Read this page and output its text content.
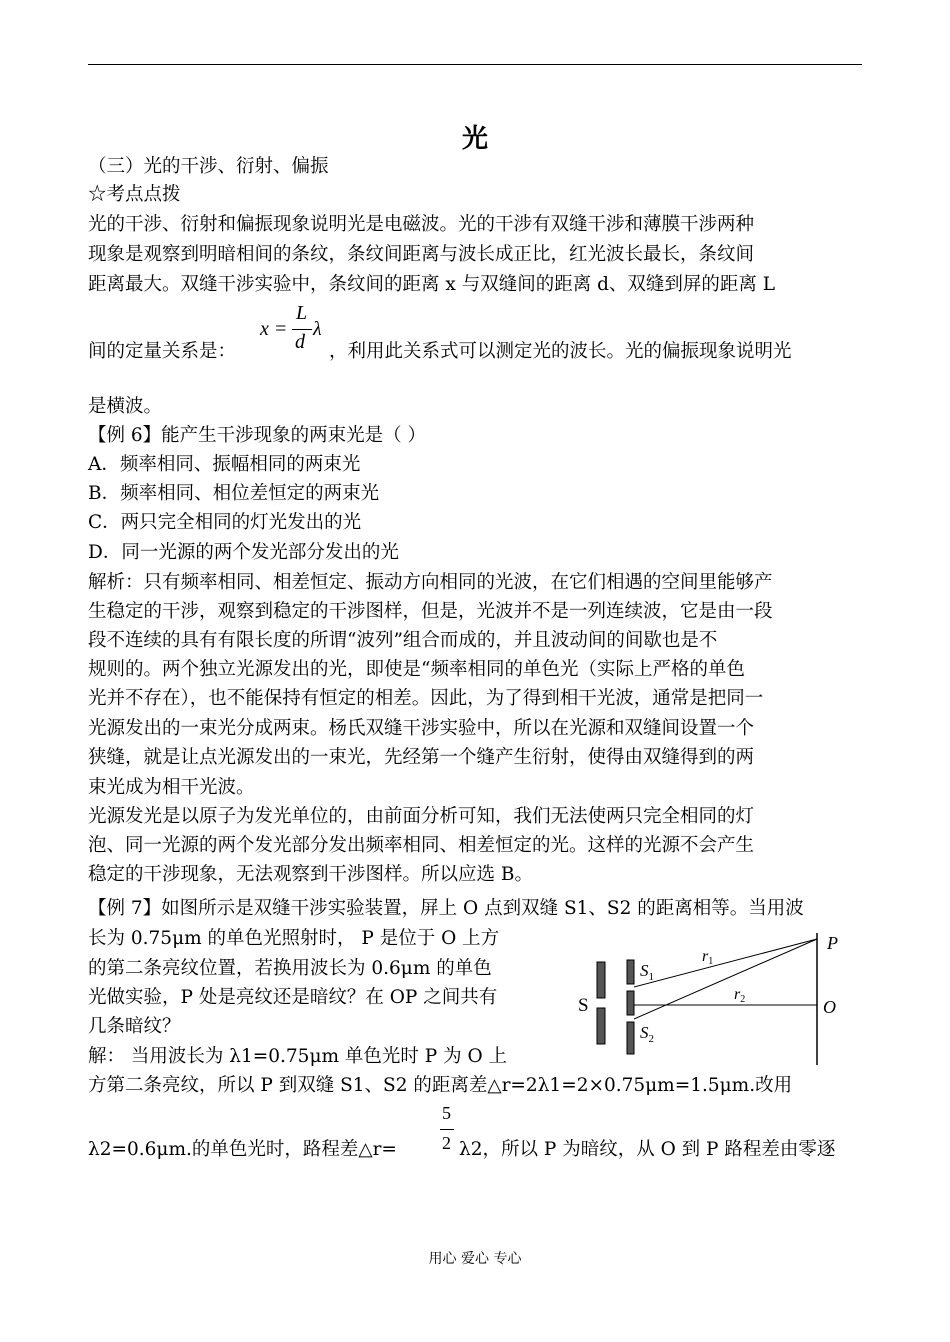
光
（三）光的干涉、衍射、偏振
☆考点点拨
光的干涉、衍射和偏振现象说明光是电磁波。光的干涉有双缝干涉和薄膜干涉两种
现象是观察到明暗相间的条纹，条纹间距离与波长成正比，红光波长最长，条纹间
距离最大。双缝干涉实验中，条纹间的距离 x 与双缝间的距离 d、双缝到屏的距离 L
间的定量关系是：
x =
L
d
λ
，利用此关系式可以测定光的波长。光的偏振现象说明光
是横波。
【例 6】能产生干涉现象的两束光是（ ）
A．频率相同、振幅相同的两束光
B．频率相同、相位差恒定的两束光
C．两只完全相同的灯光发出的光
D．同一光源的两个发光部分发出的光
解析：只有频率相同、相差恒定、振动方向相同的光波，在它们相遇的空间里能够产
生稳定的干涉，观察到稳定的干涉图样，但是，光波并不是一列连续波，它是由一段
段不连续的具有有限长度的所谓“波列”组合而成的，并且波动间的间歇也是不
规则的。两个独立光源发出的光，即使是“频率相同的单色光（实际上严格的单色
光并不存在），也不能保持有恒定的相差。因此，为了得到相干光波，通常是把同一
光源发出的一束光分成两束。杨氏双缝干涉实验中，所以在光源和双缝间设置一个
狭缝，就是让点光源发出的一束光，先经第一个缝产生衍射，使得由双缝得到的两
束光成为相干光波。
光源发光是以原子为发光单位的，由前面分析可知，我们无法使两只完全相同的灯
泡、同一光源的两个发光部分发出频率相同、相差恒定的光。这样的光源不会产生
稳定的干涉现象，无法观察到干涉图样。所以应选 B。
【例 7】如图所示是双缝干涉实验装置，屏上 O 点到双缝 S1、S2 的距离相等。当用波
长为 0.75μm 的单色光照射时， P 是位于 O 上方
的第二条亮纹位置，若换用波长为 0.6μm 的单色
光做实验，P 处是亮纹还是暗纹？在 OP 之间共有
几条暗纹？
解： 当用波长为 λ1=0.75μm 单色光时 P 为 O 上
方第二条亮纹，所以 P 到双缝 S1、S2 的距离差△r=2λ1=2×0.75μm=1.5μm.改用
λ2=0.6μm.的单色光时，路程差△r=
5
2 λ2，所以 P 为暗纹，从 O 到 P 路程差由零逐
S
$S_1$
$S_2$
r1
r2
P
O
用心 爱心 专心
